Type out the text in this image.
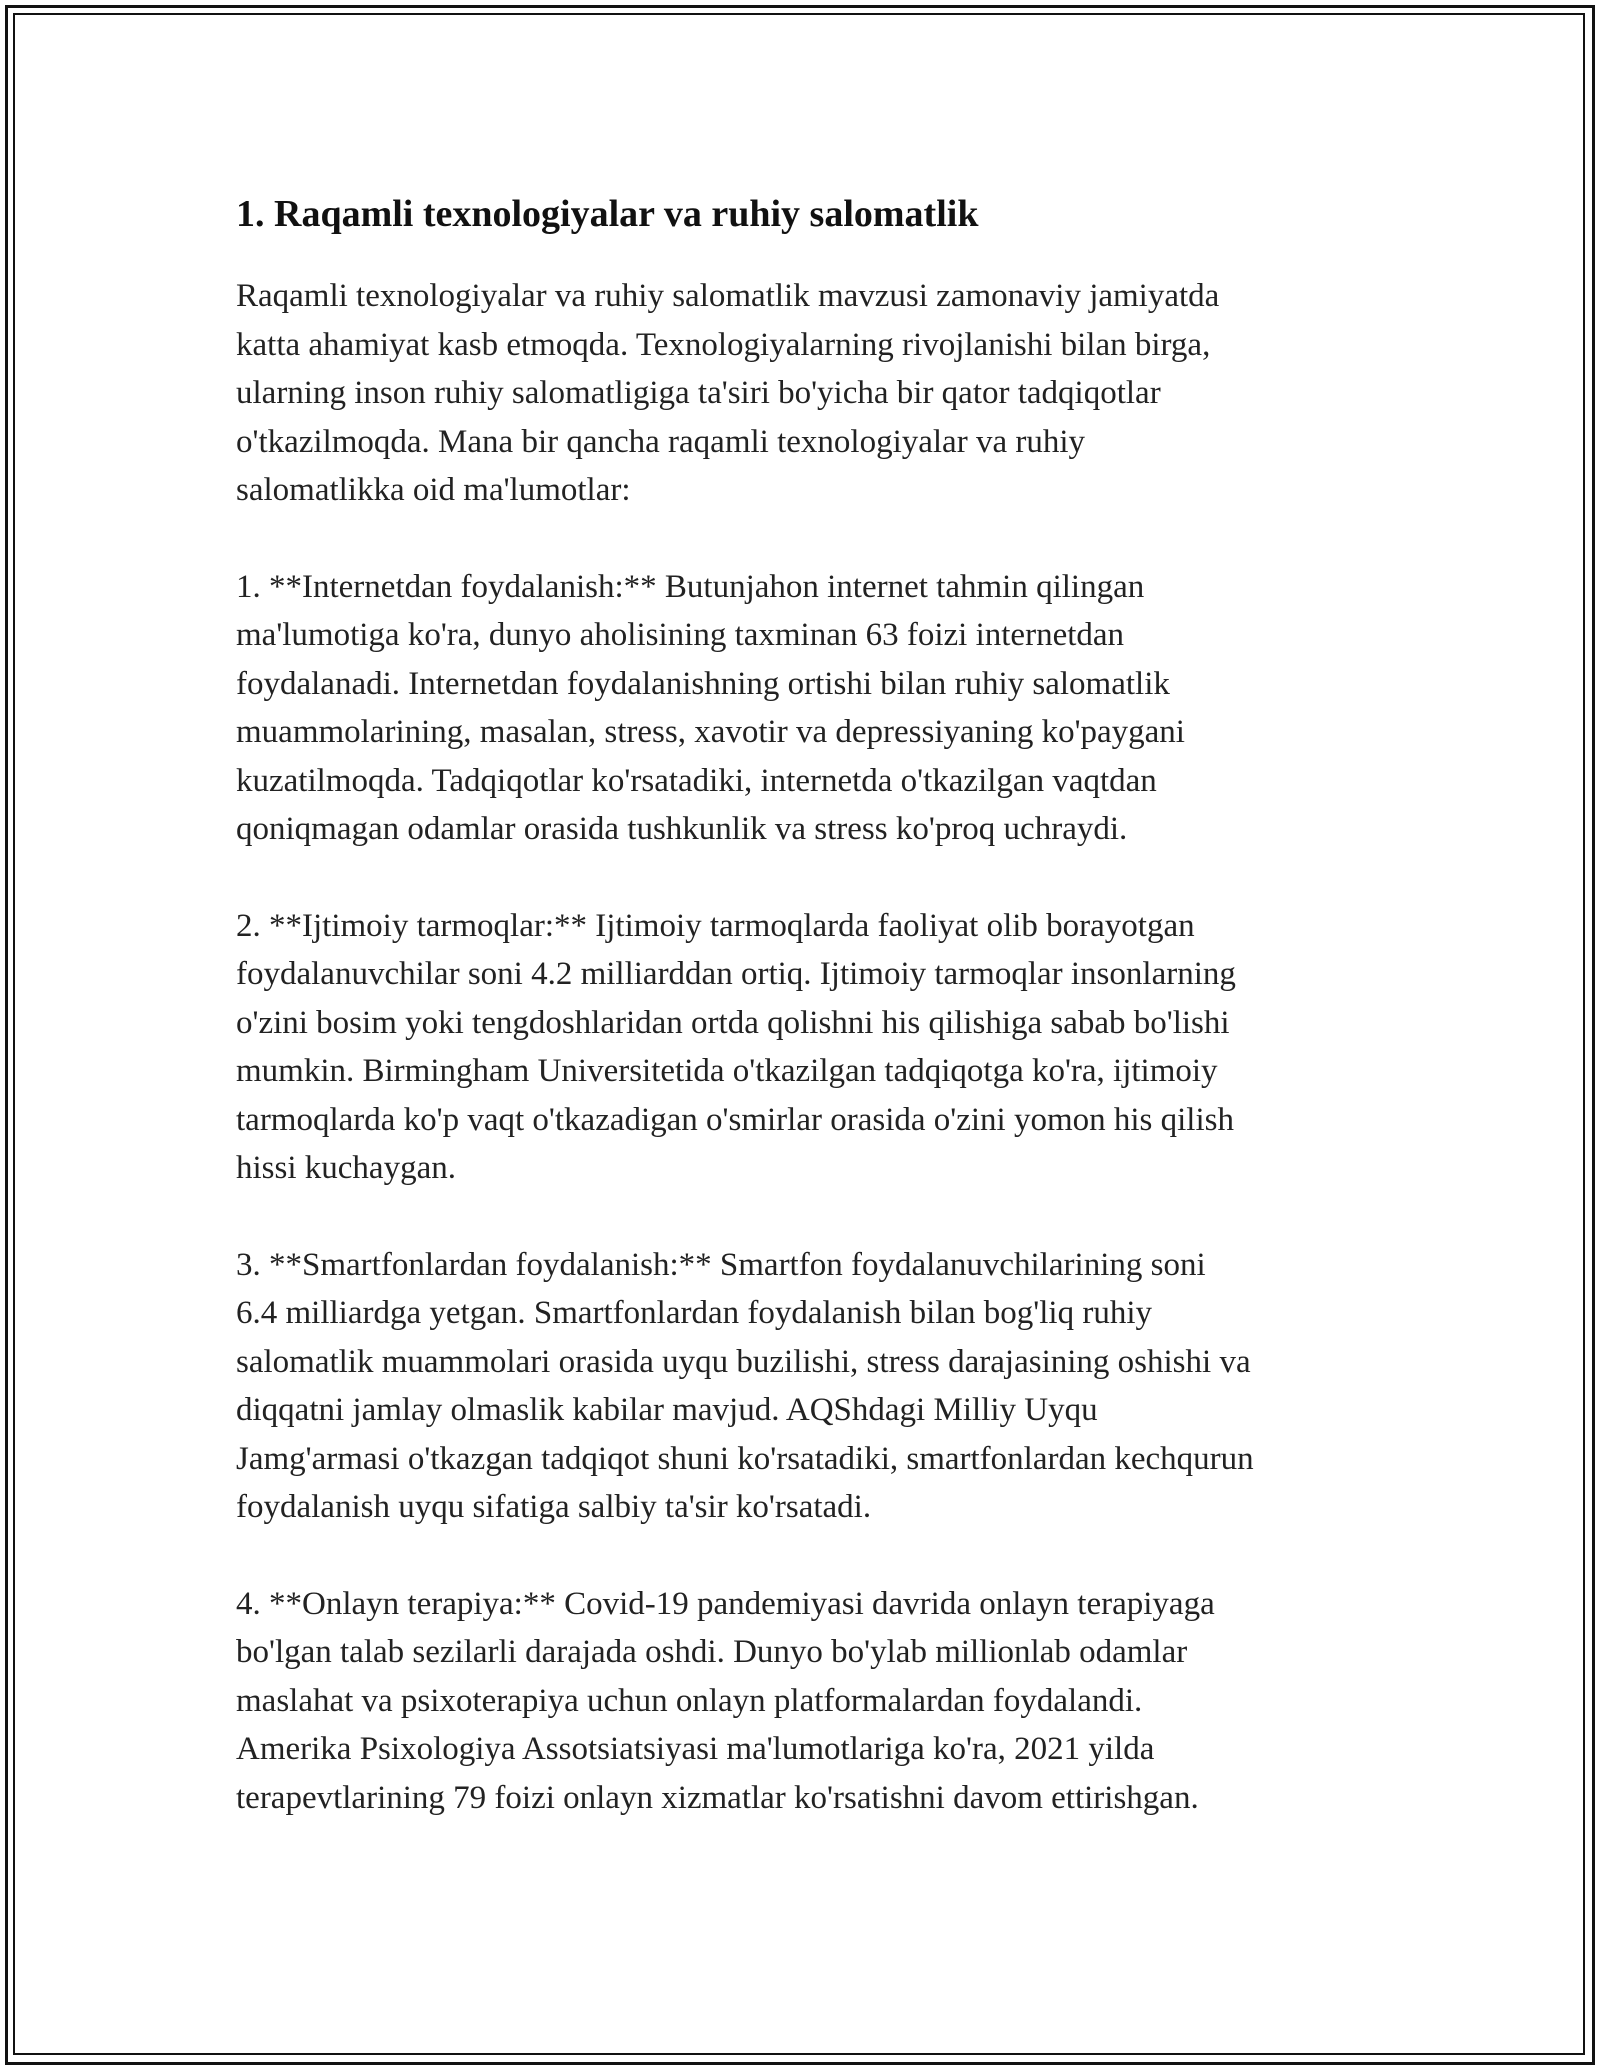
1. Raqamli texnologiyalar va ruhiy salomatlik

Raqamli texnologiyalar va ruhiy salomatlik mavzusi zamonaviy jamiyatda
katta ahamiyat kasb etmoqda. Texnologiyalarning rivojlanishi bilan birga,
ularning inson ruhiy salomatligiga ta'siri bo'yicha bir qator tadqiqotlar
o'tkazilmoqda. Mana bir qancha raqamli texnologiyalar va ruhiy
salomatlikka oid ma'lumotlar:

1. **Internetdan foydalanish:** Butunjahon internet tahmin qilingan
ma'lumotiga ko'ra, dunyo aholisining taxminan 63 foizi internetdan
foydalanadi. Internetdan foydalanishning ortishi bilan ruhiy salomatlik
muammolarining, masalan, stress, xavotir va depressiyaning ko'paygani
kuzatilmoqda. Tadqiqotlar ko'rsatadiki, internetda o'tkazilgan vaqtdan
qoniqmagan odamlar orasida tushkunlik va stress ko'proq uchraydi.

2. **Ijtimoiy tarmoqlar:** Ijtimoiy tarmoqlarda faoliyat olib borayotgan
foydalanuvchilar soni 4.2 milliarddan ortiq. Ijtimoiy tarmoqlar insonlarning
o'zini bosim yoki tengdoshlaridan ortda qolishni his qilishiga sabab bo'lishi
mumkin. Birmingham Universitetida o'tkazilgan tadqiqotga ko'ra, ijtimoiy
tarmoqlarda ko'p vaqt o'tkazadigan o'smirlar orasida o'zini yomon his qilish
hissi kuchaygan.

3. **Smartfonlardan foydalanish:** Smartfon foydalanuvchilarining soni
6.4 milliardga yetgan. Smartfonlardan foydalanish bilan bog'liq ruhiy
salomatlik muammolari orasida uyqu buzilishi, stress darajasining oshishi va
diqqatni jamlay olmaslik kabilar mavjud. AQShdagi Milliy Uyqu
Jamg'armasi o'tkazgan tadqiqot shuni ko'rsatadiki, smartfonlardan kechqurun
foydalanish uyqu sifatiga salbiy ta'sir ko'rsatadi.

4. **Onlayn terapiya:** Covid-19 pandemiyasi davrida onlayn terapiyaga
bo'lgan talab sezilarli darajada oshdi. Dunyo bo'ylab millionlab odamlar
maslahat va psixoterapiya uchun onlayn platformalardan foydalandi.
Amerika Psixologiya Assotsiatsiyasi ma'lumotlariga ko'ra, 2021 yilda
terapevtlarining 79 foizi onlayn xizmatlar ko'rsatishni davom ettirishgan.
